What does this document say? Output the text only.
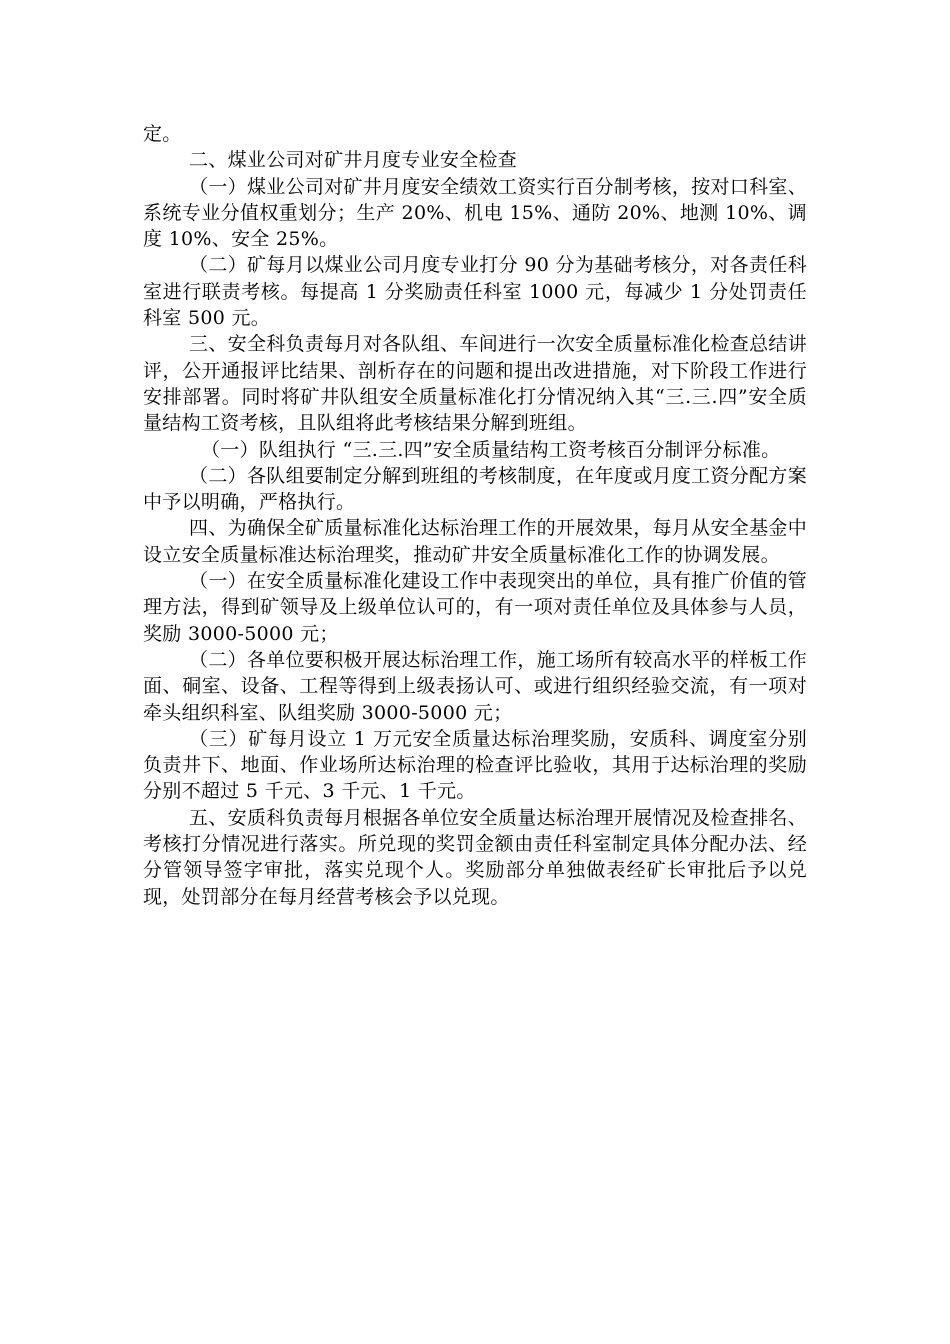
定。

二、煤业公司对矿井月度专业安全检查

（一）煤业公司对矿井月度安全绩效工资实行百分制考核，按对口科室、系统专业分值权重划分；生产 20%、机电 15%、通防 20%、地测 10%、调度 10%、安全 25%。

（二）矿每月以煤业公司月度专业打分 90 分为基础考核分，对各责任科室进行联责考核。每提高 1 分奖励责任科室 1000 元，每减少 1 分处罚责任科室 500 元。

三、安全科负责每月对各队组、车间进行一次安全质量标准化检查总结讲评，公开通报评比结果、剖析存在的问题和提出改进措施，对下阶段工作进行安排部署。同时将矿井队组安全质量标准化打分情况纳入其“三.三.四”安全质量结构工资考核，且队组将此考核结果分解到班组。

（一）队组执行 “三.三.四”安全质量结构工资考核百分制评分标准。

（二）各队组要制定分解到班组的考核制度，在年度或月度工资分配方案中予以明确，严格执行。

四、为确保全矿质量标准化达标治理工作的开展效果，每月从安全基金中设立安全质量标准达标治理奖，推动矿井安全质量标准化工作的协调发展。

（一）在安全质量标准化建设工作中表现突出的单位，具有推广价值的管理方法，得到矿领导及上级单位认可的，有一项对责任单位及具体参与人员，奖励 3000-5000 元；

（二）各单位要积极开展达标治理工作，施工场所有较高水平的样板工作面、硐室、设备、工程等得到上级表扬认可、或进行组织经验交流，有一项对牵头组织科室、队组奖励 3000-5000 元；

（三）矿每月设立 1 万元安全质量达标治理奖励，安质科、调度室分别负责井下、地面、作业场所达标治理的检查评比验收，其用于达标治理的奖励分别不超过 5 千元、3 千元、1 千元。

五、安质科负责每月根据各单位安全质量达标治理开展情况及检查排名、考核打分情况进行落实。所兑现的奖罚金额由责任科室制定具体分配办法、经分管领导签字审批，落实兑现个人。奖励部分单独做表经矿长审批后予以兑现，处罚部分在每月经营考核会予以兑现。
